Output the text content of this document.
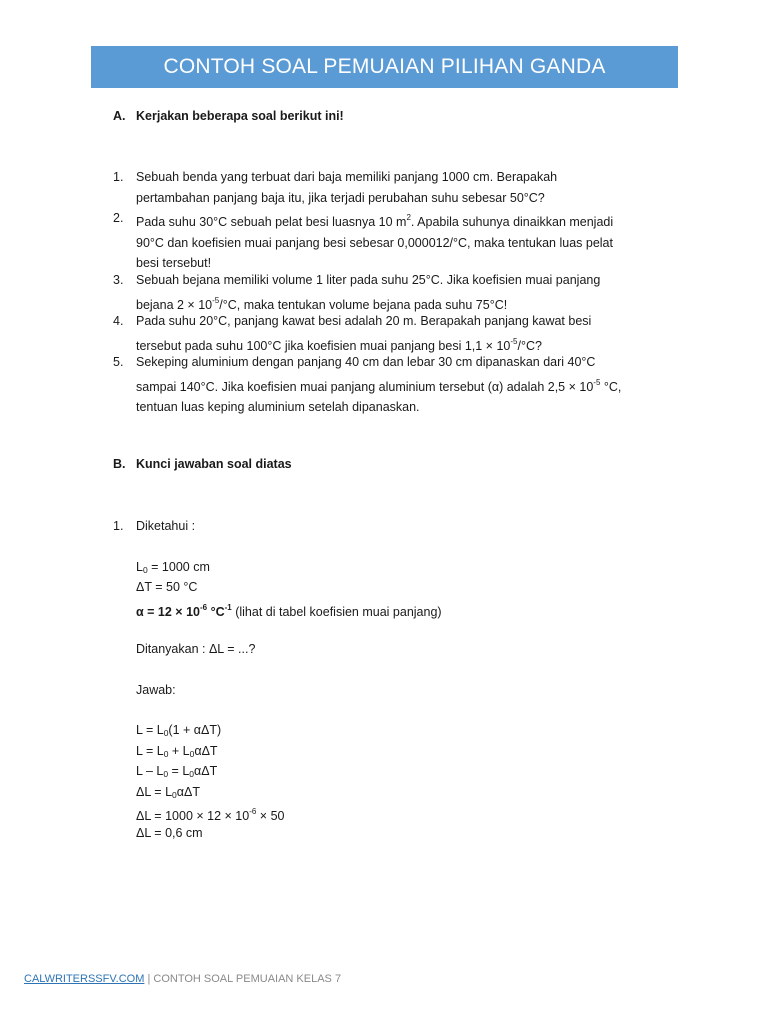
CONTOH SOAL PEMUAIAN PILIHAN GANDA
A. Kerjakan beberapa soal berikut ini!
1. Sebuah benda yang terbuat dari baja memiliki panjang 1000 cm. Berapakah
pertambahan panjang baja itu, jika terjadi perubahan suhu sebesar 50°C?
2. Pada suhu 30°C sebuah pelat besi luasnya 10 $m^2$. Apabila suhunya dinaikkan menjadi
90°C dan koefisien muai panjang besi sebesar 0,000012/°C, maka tentukan luas pelat
besi tersebut!
3. Sebuah bejana memiliki volume 1 liter pada suhu 25°C. Jika koefisien muai panjang
bejana $2 \times 10^{-5}/^\circ C$, maka tentukan volume bejana pada suhu 75°C!
4. Pada suhu 20°C, panjang kawat besi adalah 20 m. Berapakah panjang kawat besi
tersebut pada suhu 100°C jika koefisien muai panjang besi $1,1 \times 10^{-5}/^\circ C$?
5. Sekeping aluminium dengan panjang 40 cm dan lebar 30 cm dipanaskan dari 40°C
sampai 140°C. Jika koefisien muai panjang aluminium tersebut (α) adalah $2,5 \times 10^{-5}$ °C,
tentuan luas keping aluminium setelah dipanaskan.
B. Kunci jawaban soal diatas
1. Diketahui :
$L_0 = 1000$ cm
ΔT = 50 °C
$\alpha = 12 \times 10^{-6}$ $^\circ C^{-1}$ (lihat di tabel koefisien muai panjang)
Ditanyakan : ΔL = ...?
Jawab:
$L = L_0(1 + \alpha\Delta T)$
$L = L_0 + L_0\alpha\Delta T$
$L - L_0 = L_0\alpha\Delta T$
$\Delta L = L_0\alpha\Delta T$
$\Delta L = 1000 \times 12 \times 10^{-6} \times 50$
ΔL = 0,6 cm
CALWRITERSSFV.COM | CONTOH SOAL PEMUAIAN KELAS 7
